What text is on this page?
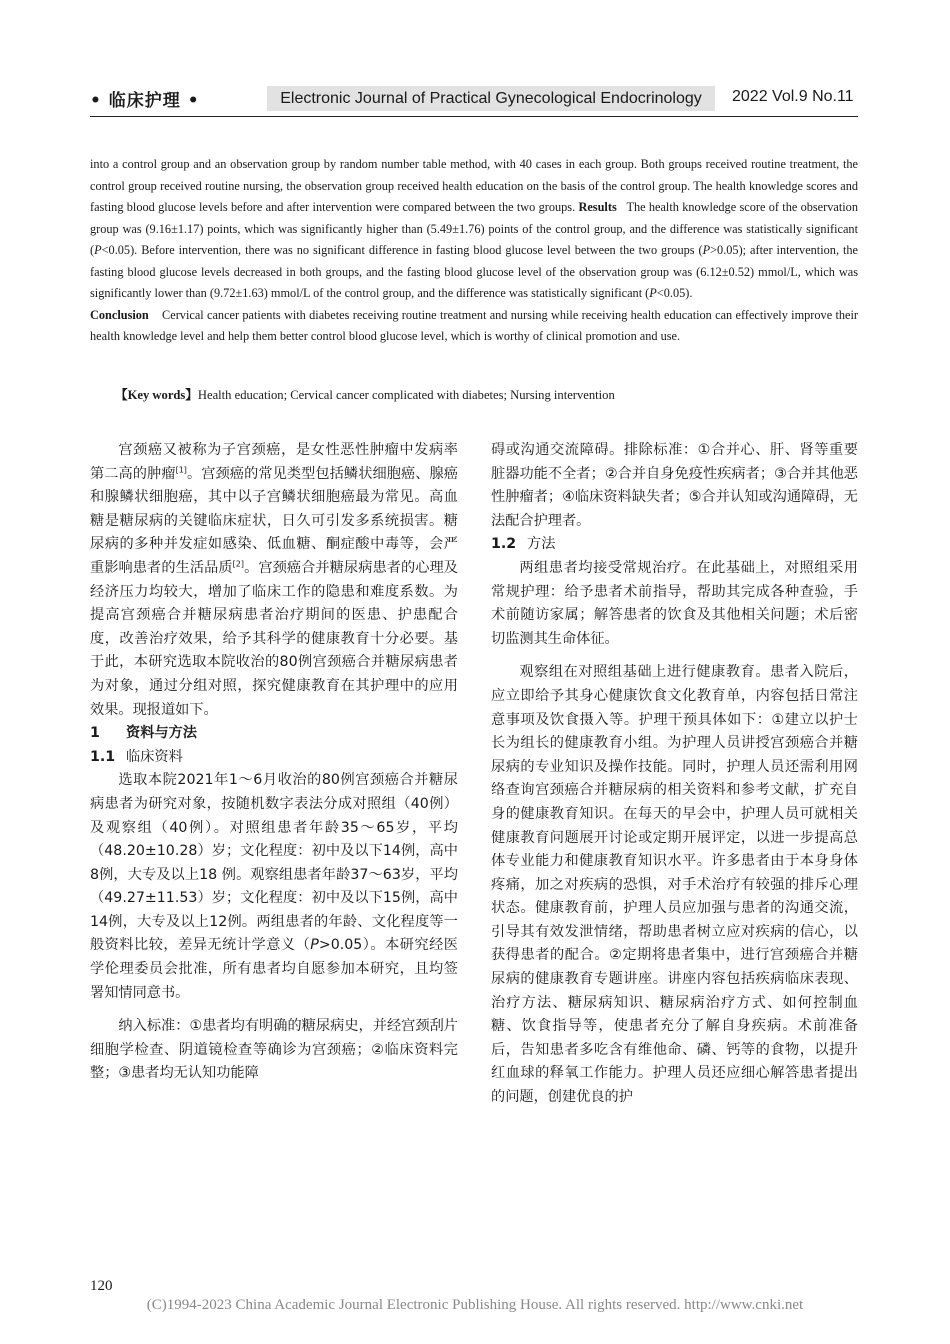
• 临床护理 •	Electronic Journal of Practical Gynecological Endocrinology	2022 Vol.9 No.11
into a control group and an observation group by random number table method, with 40 cases in each group. Both groups received routine treatment, the control group received routine nursing, the observation group received health education on the basis of the control group. The health knowledge scores and fasting blood glucose levels before and after intervention were compared between the two groups. Results The health knowledge score of the observation group was (9.16±1.17) points, which was significantly higher than (5.49±1.76) points of the control group, and the difference was statistically significant (P<0.05). Before intervention, there was no significant difference in fasting blood glucose level between the two groups (P>0.05); after intervention, the fasting blood glucose levels decreased in both groups, and the fasting blood glucose level of the observation group was (6.12±0.52) mmol/L, which was significantly lower than (9.72±1.63) mmol/L of the control group, and the difference was statistically significant (P<0.05).
Conclusion Cervical cancer patients with diabetes receiving routine treatment and nursing while receiving health education can effectively improve their health knowledge level and help them better control blood glucose level, which is worthy of clinical promotion and use.
【Key words】Health education; Cervical cancer complicated with diabetes; Nursing intervention

宫颈癌又被称为子宫颈癌，是女性恶性肿瘤中发病率第二高的肿瘤[1]。宫颈癌的常见类型包括鳞状细胞癌、腺癌和腺鳞状细胞癌，其中以子宫鳞状细胞癌最为常见。高血糖是糖尿病的关键临床症状，日久可引发多系统损害。糖尿病的多种并发症如感染、低血糖、酮症酸中毒等，会严重影响患者的生活品质[2]。宫颈癌合并糖尿病患者的心理及经济压力均较大，增加了临床工作的隐患和难度系数。为提高宫颈癌合并糖尿病患者治疗期间的医患、护患配合度，改善治疗效果，给予其科学的健康教育十分必要。基于此，本研究选取本院收治的80例宫颈癌合并糖尿病患者为对象，通过分组对照，探究健康教育在其护理中的应用效果。现报道如下。

1 资料与方法
1.1 临床资料

选取本院2021年1～6月收治的80例宫颈癌合并糖尿病患者为研究对象，按随机数字表法分成对照组（40例）及观察组（40例）。对照组患者年龄35～65岁，平均（48.20±10.28）岁；文化程度：初中及以下14例，高中8例，大专及以上18 例。观察组患者年龄37～63岁，平均（49.27±11.53）岁；文化程度：初中及以下15例，高中14例，大专及以上12例。两组患者的年龄、文化程度等一般资料比较，差异无统计学意义（P>0.05）。本研究经医学伦理委员会批准，所有患者均自愿参加本研究，且均签署知情同意书。

纳入标准：①患者均有明确的糖尿病史，并经宫颈刮片细胞学检查、阴道镜检查等确诊为宫颈癌；②临床资料完整；③患者均无认知功能障

碍或沟通交流障碍。排除标准：①合并心、肝、肾等重要脏器功能不全者；②合并自身免疫性疾病者；③合并其他恶性肿瘤者；④临床资料缺失者；⑤合并认知或沟通障碍，无法配合护理者。

1.2 方法

两组患者均接受常规治疗。在此基础上，对照组采用常规护理：给予患者术前指导，帮助其完成各种查验，手术前随访家属；解答患者的饮食及其他相关问题；术后密切监测其生命体征。

观察组在对照组基础上进行健康教育。患者入院后，应立即给予其身心健康饮食文化教育单，内容包括日常注意事项及饮食摄入等。护理干预具体如下：①建立以护士长为组长的健康教育小组。为护理人员讲授宫颈癌合并糖尿病的专业知识及操作技能。同时，护理人员还需利用网络查询宫颈癌合并糖尿病的相关资料和参考文献，扩充自身的健康教育知识。在每天的早会中，护理人员可就相关健康教育问题展开讨论或定期开展评定，以进一步提高总体专业能力和健康教育知识水平。许多患者由于本身身体疼痛，加之对疾病的恐惧，对手术治疗有较强的排斥心理状态。健康教育前，护理人员应加强与患者的沟通交流，引导其有效发泄情绪，帮助患者树立应对疾病的信心，以获得患者的配合。②定期将患者集中，进行宫颈癌合并糖尿病的健康教育专题讲座。讲座内容包括疾病临床表现、治疗方法、糖尿病知识、糖尿病治疗方式、如何控制血糖、饮食指导等，使患者充分了解自身疾病。术前准备后，告知患者多吃含有维他命、磷、钙等的食物，以提升红血球的释氧工作能力。护理人员还应细心解答患者提出的问题，创建优良的护

120
(C)1994-2023 China Academic Journal Electronic Publishing House. All rights reserved. http://www.cnki.net
